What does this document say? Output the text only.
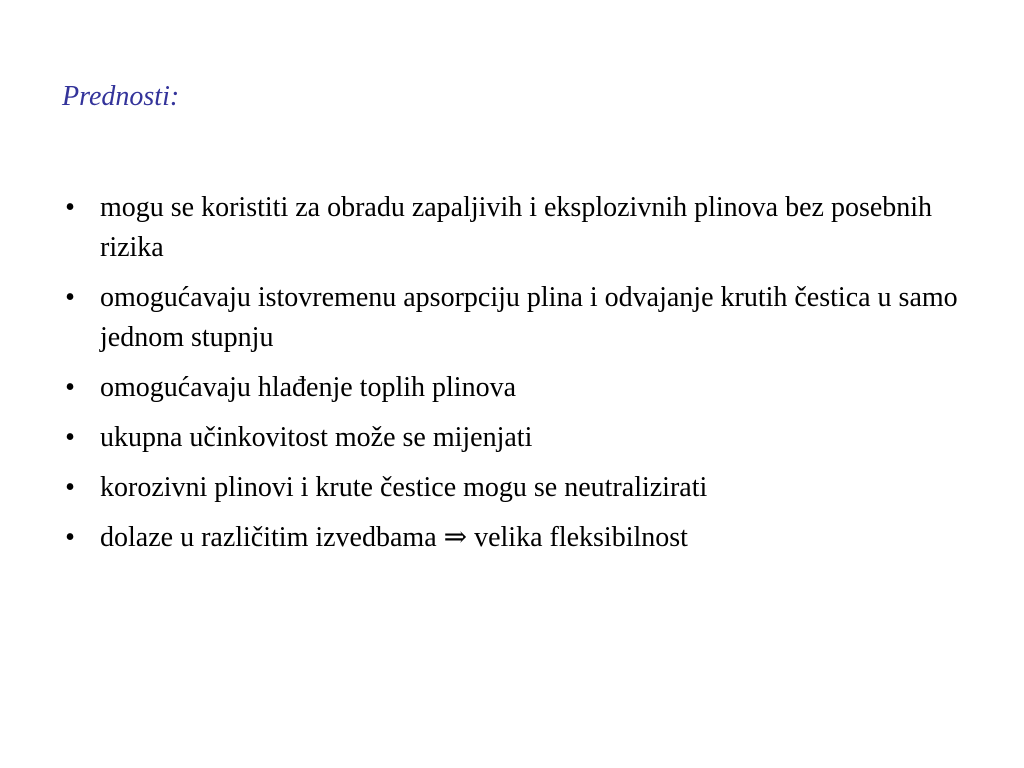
Prednosti:
• mogu se koristiti za obradu zapaljivih i eksplozivnih plinova bez posebnih rizika
• omogućavaju istovremenu apsorpciju plina i odvajanje krutih čestica u samo jednom stupnju
• omogućavaju hlađenje toplih plinova
• ukupna učinkovitost može se mijenjati
• korozivni plinovi i krute čestice mogu se neutralizirati
• dolaze u različitim izvedbama ⇒ velika fleksibilnost
